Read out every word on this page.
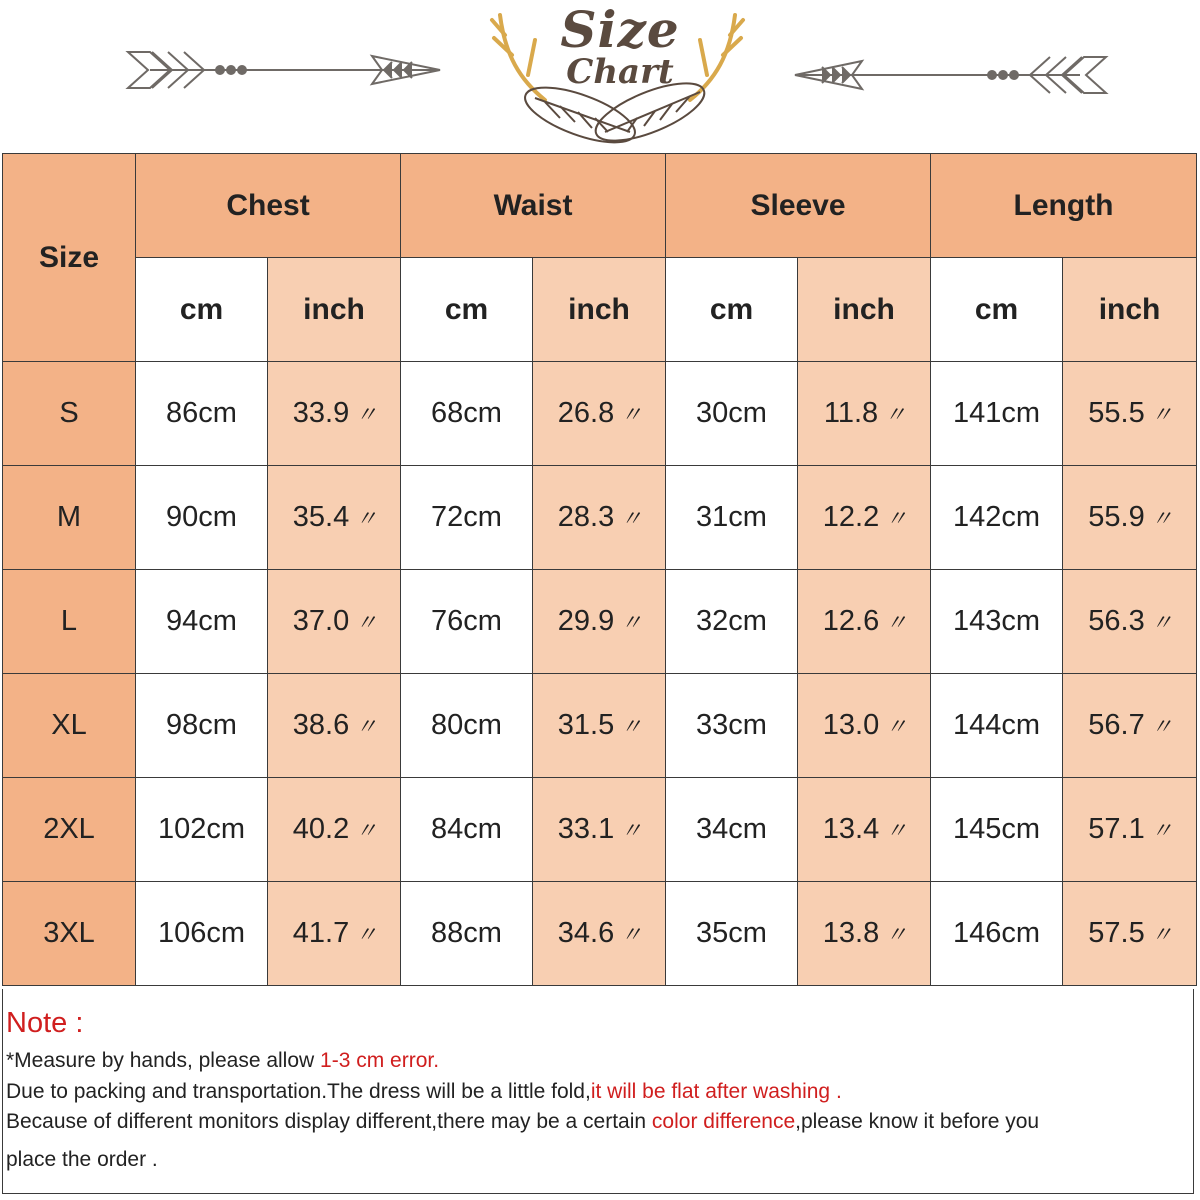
Size
Chart
Size	Chest		Waist		Sleeve		Length	
	cm	inch	cm	inch	cm	inch	cm	inch
S	86cm	33.9 〃	68cm	26.8 〃	30cm	11.8 〃	141cm	55.5 〃
M	90cm	35.4 〃	72cm	28.3 〃	31cm	12.2 〃	142cm	55.9 〃
L	94cm	37.0 〃	76cm	29.9 〃	32cm	12.6 〃	143cm	56.3 〃
XL	98cm	38.6 〃	80cm	31.5 〃	33cm	13.0 〃	144cm	56.7 〃
2XL	102cm	40.2 〃	84cm	33.1 〃	34cm	13.4 〃	145cm	57.1 〃
3XL	106cm	41.7 〃	88cm	34.6 〃	35cm	13.8 〃	146cm	57.5 〃
Note :
*Measure by hands, please allow 1-3 cm error.
Due to packing and transportation.The dress will be a little fold,it will be flat after washing .
Because of different monitors display different,there may be a certain color difference,please know it before you
place the order .
